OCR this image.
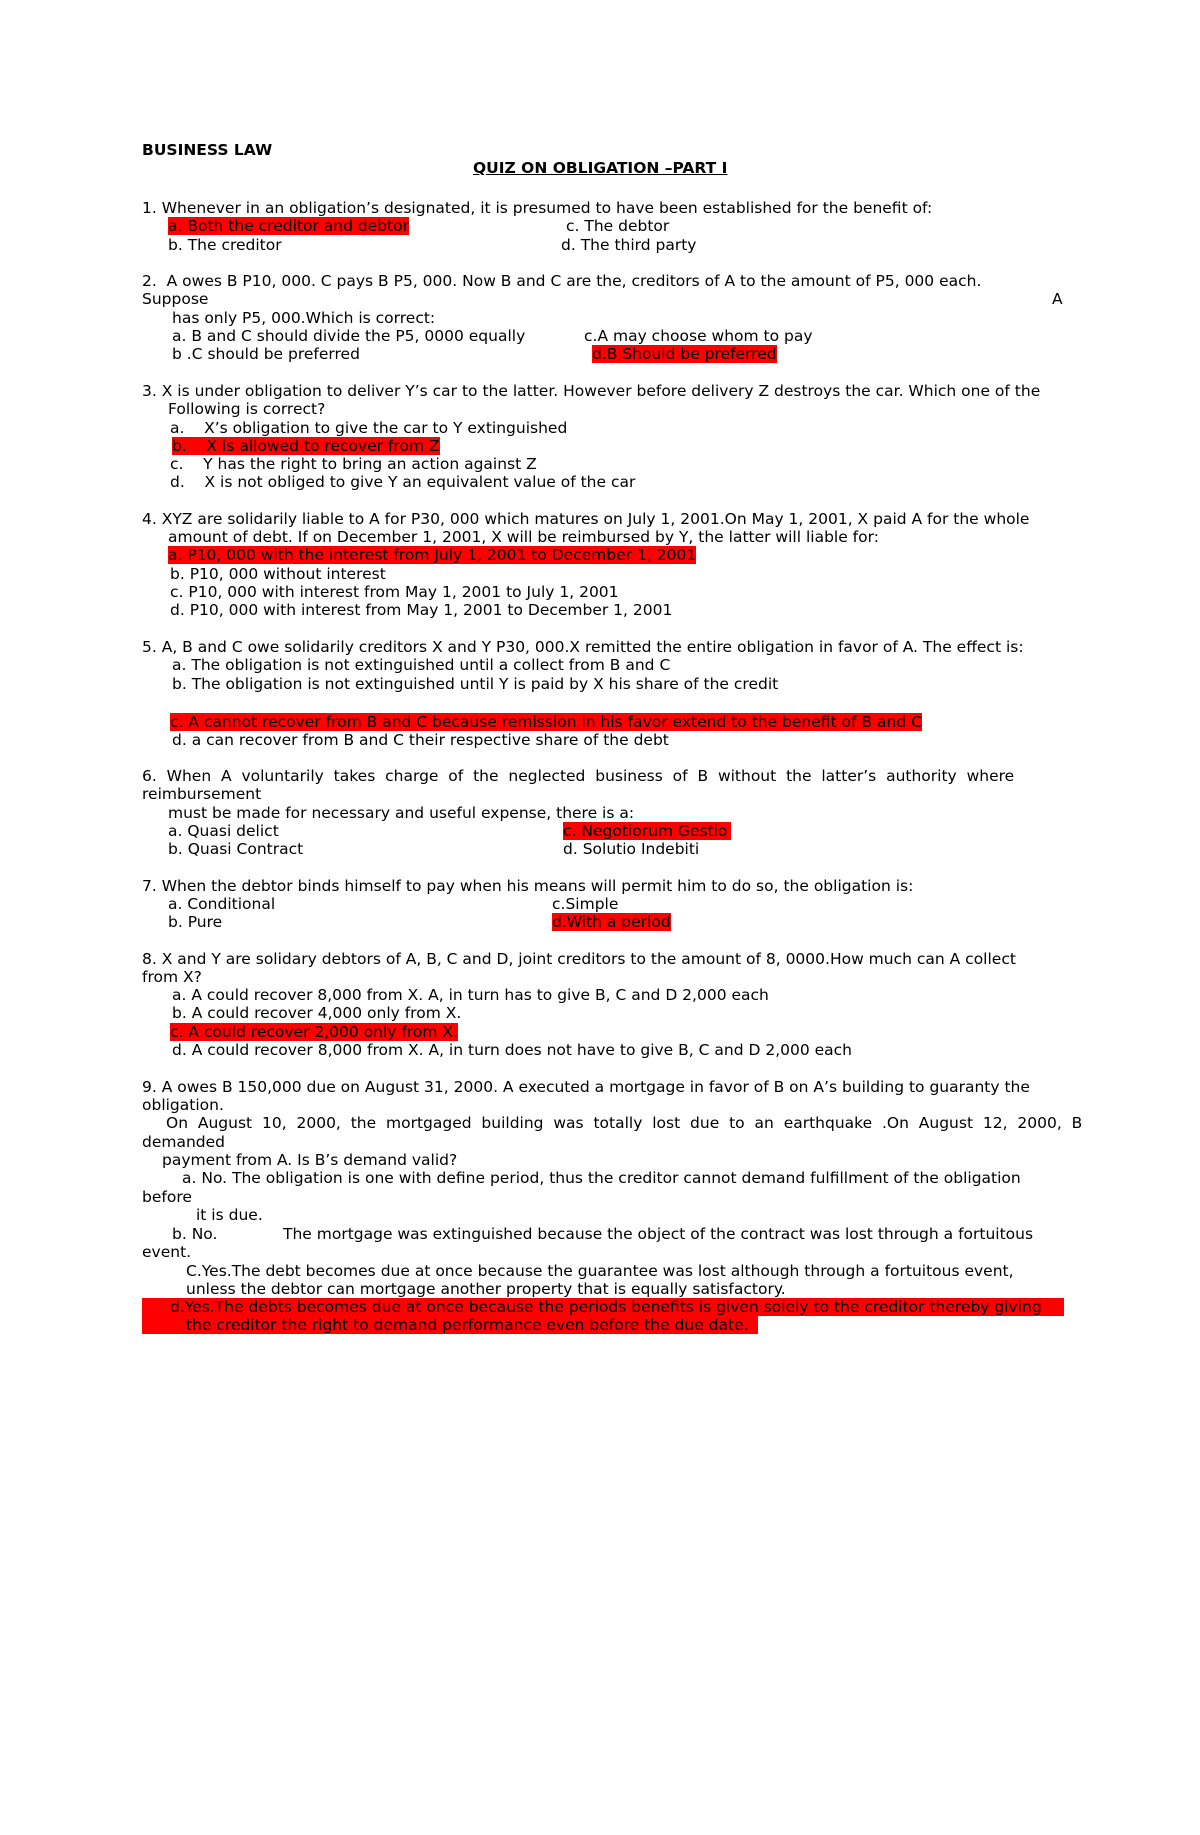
BUSINESS LAW
QUIZ ON OBLIGATION –PART I
1. Whenever in an obligation’s designated, it is presumed to have been established for the benefit of:
a. Both the creditor and debtor	c. The debtor
b. The creditor	d. The third party
2.  A owes B P10, 000. C pays B P5, 000. Now B and C are the, creditors of A to the amount of P5, 000 each.
Suppose	A
has only P5, 000.Which is correct:
a. B and C should divide the P5, 0000 equally	c.A may choose whom to pay
b .C should be preferred	d.B Should be preferred
3. X is under obligation to deliver Y’s car to the latter. However before delivery Z destroys the car. Which one of the
Following is correct?
a.    X’s obligation to give the car to Y extinguished
b.    X is allowed to recover from Z
c.    Y has the right to bring an action against Z
d.    X is not obliged to give Y an equivalent value of the car
4. XYZ are solidarily liable to A for P30, 000 which matures on July 1, 2001.On May 1, 2001, X paid A for the whole
amount of debt. If on December 1, 2001, X will be reimbursed by Y, the latter will liable for:
a. P10, 000 with the interest from July 1, 2001 to December 1, 2001
b. P10, 000 without interest
c. P10, 000 with interest from May 1, 2001 to July 1, 2001
d. P10, 000 with interest from May 1, 2001 to December 1, 2001
5. A, B and C owe solidarily creditors X and Y P30, 000.X remitted the entire obligation in favor of A. The effect is:
a. The obligation is not extinguished until a collect from B and C
b. The obligation is not extinguished until Y is paid by X his share of the credit
c. A cannot recover from B and C because remission in his favor extend to the benefit of B and C
d. a can recover from B and C their respective share of the debt
6.  When  A  voluntarily  takes  charge  of  the  neglected  business  of  B  without  the  latter’s  authority  where
reimbursement
must be made for necessary and useful expense, there is a:
a. Quasi delict	c. Negotiorum Gestio
b. Quasi Contract	d. Solutio Indebiti
7. When the debtor binds himself to pay when his means will permit him to do so, the obligation is:
a. Conditional	c.Simple
b. Pure	d.With a period
8. X and Y are solidary debtors of A, B, C and D, joint creditors to the amount of 8, 0000.How much can A collect
from X?
a. A could recover 8,000 from X. A, in turn has to give B, C and D 2,000 each
b. A could recover 4,000 only from X.
c. A could recover 2,000 only from X.
d. A could recover 8,000 from X. A, in turn does not have to give B, C and D 2,000 each
9. A owes B 150,000 due on August 31, 2000. A executed a mortgage in favor of B on A’s building to guaranty the
obligation.
On  August  10,  2000,  the  mortgaged  building  was  totally  lost  due  to  an  earthquake  .On  August  12,  2000,  B
demanded
payment from A. Is B’s demand valid?
a. No. The obligation is one with define period, thus the creditor cannot demand fulfillment of the obligation
before
it is due.
b. No.	The mortgage was extinguished because the object of the contract was lost through a fortuitous
event.
C.Yes.The debt becomes due at once because the guarantee was lost although through a fortuitous event,
unless the debtor can mortgage another property that is equally satisfactory.
d.Yes.The debts becomes due at once because the periods benefits is given solely to the creditor thereby giving
the creditor the right to demand performance even before the due date.
